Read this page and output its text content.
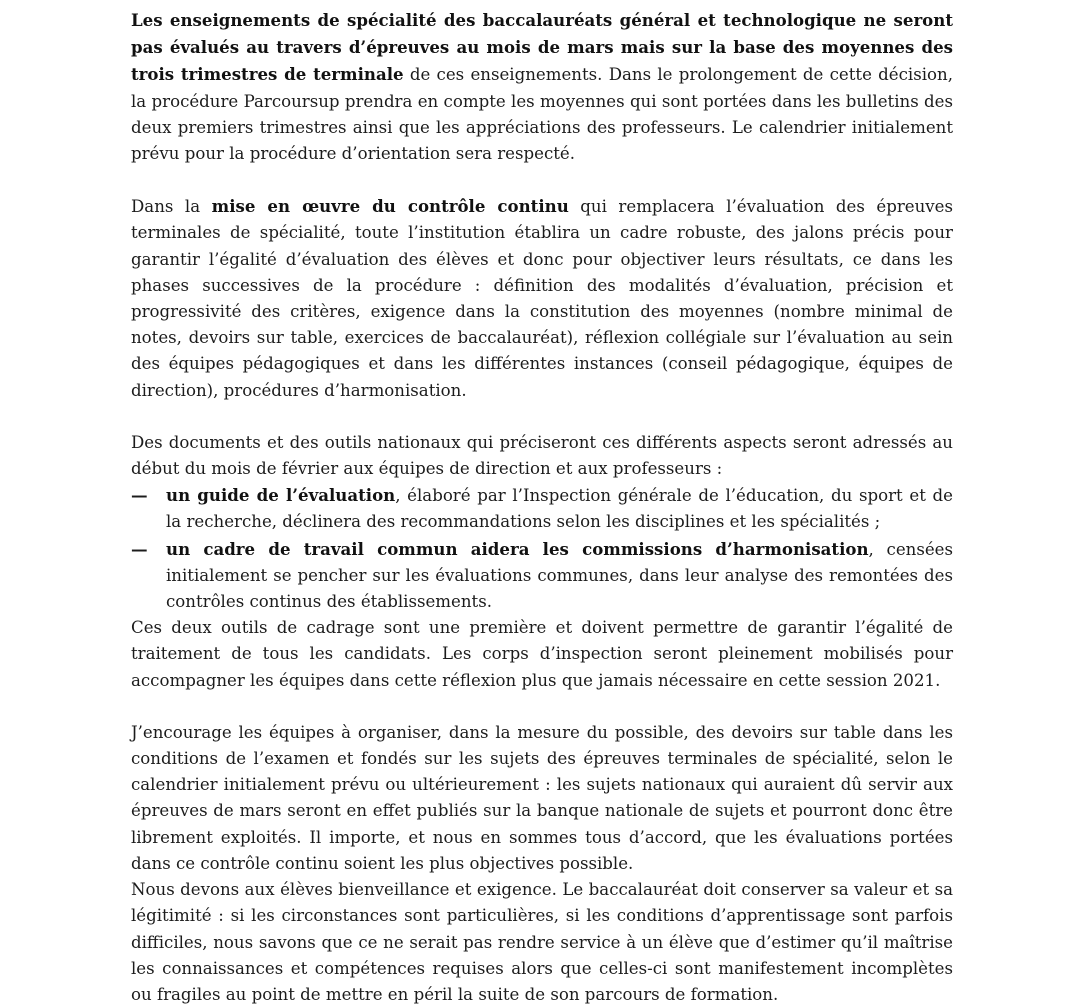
Les enseignements de spécialité des baccalauréats général et technologique ne seront pas évalués au travers d’épreuves au mois de mars mais sur la base des moyennes des trois trimestres de terminale de ces enseignements. Dans le prolongement de cette décision, la procédure Parcoursup prendra en compte les moyennes qui sont portées dans les bulletins des deux premiers trimestres ainsi que les appréciations des professeurs. Le calendrier initialement prévu pour la procédure d’orientation sera respecté.

Dans la mise en œuvre du contrôle continu qui remplacera l’évaluation des épreuves terminales de spécialité, toute l’institution établira un cadre robuste, des jalons précis pour garantir l’égalité d’évaluation des élèves et donc pour objectiver leurs résultats, ce dans les phases successives de la procédure : définition des modalités d’évaluation, précision et progressivité des critères, exigence dans la constitution des moyennes (nombre minimal de notes, devoirs sur table, exercices de baccalauréat), réflexion collégiale sur l’évaluation au sein des équipes pédagogiques et dans les différentes instances (conseil pédagogique, équipes de direction), procédures d’harmonisation.

Des documents et des outils nationaux qui préciseront ces différents aspects seront adressés au début du mois de février aux équipes de direction et aux professeurs :

—	un guide de l’évaluation, élaboré par l’Inspection générale de l’éducation, du sport et de la recherche, déclinera des recommandations selon les disciplines et les spécialités ;
—	un cadre de travail commun aidera les commissions d’harmonisation, censées initialement se pencher sur les évaluations communes, dans leur analyse des remontées des contrôles continus des établissements.

Ces deux outils de cadrage sont une première et doivent permettre de garantir l’égalité de traitement de tous les candidats. Les corps d’inspection seront pleinement mobilisés pour accompagner les équipes dans cette réflexion plus que jamais nécessaire en cette session 2021.

J’encourage les équipes à organiser, dans la mesure du possible, des devoirs sur table dans les conditions de l’examen et fondés sur les sujets des épreuves terminales de spécialité, selon le calendrier initialement prévu ou ultérieurement : les sujets nationaux qui auraient dû servir aux épreuves de mars seront en effet publiés sur la banque nationale de sujets et pourront donc être librement exploités. Il importe, et nous en sommes tous d’accord, que les évaluations portées dans ce contrôle continu soient les plus objectives possible.

Nous devons aux élèves bienveillance et exigence. Le baccalauréat doit conserver sa valeur et sa légitimité : si les circonstances sont particulières, si les conditions d’apprentissage sont parfois difficiles, nous savons que ce ne serait pas rendre service à un élève que d’estimer qu’il maîtrise les connaissances et compétences requises alors que celles-ci sont manifestement incomplètes ou fragiles au point de mettre en péril la suite de son parcours de formation.
